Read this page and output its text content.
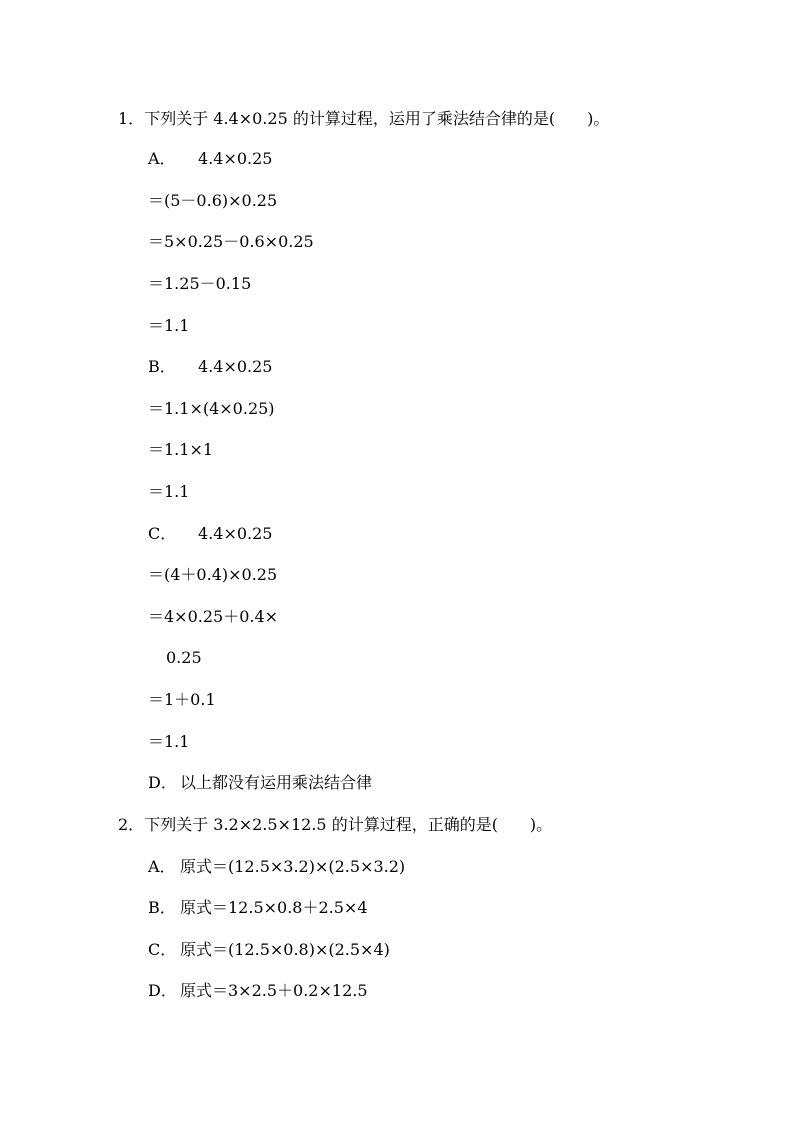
1．下列关于 4.4×0.25 的计算过程，运用了乘法结合律的是(　　)。
A． 4.4×0.25
＝(5－0.6)×0.25
＝5×0.25－0.6×0.25
＝1.25－0.15
＝1.1
B． 4.4×0.25
＝1.1×(4×0.25)
＝1.1×1
＝1.1
C． 4.4×0.25
＝(4＋0.4)×0.25
＝4×0.25＋0.4×
0.25
＝1＋0.1
＝1.1
D． 以上都没有运用乘法结合律
2．下列关于 3.2×2.5×12.5 的计算过程，正确的是(　　)。
A． 原式＝(12.5×3.2)×(2.5×3.2)
B． 原式＝12.5×0.8＋2.5×4
C． 原式＝(12.5×0.8)×(2.5×4)
D． 原式＝3×2.5＋0.2×12.5
